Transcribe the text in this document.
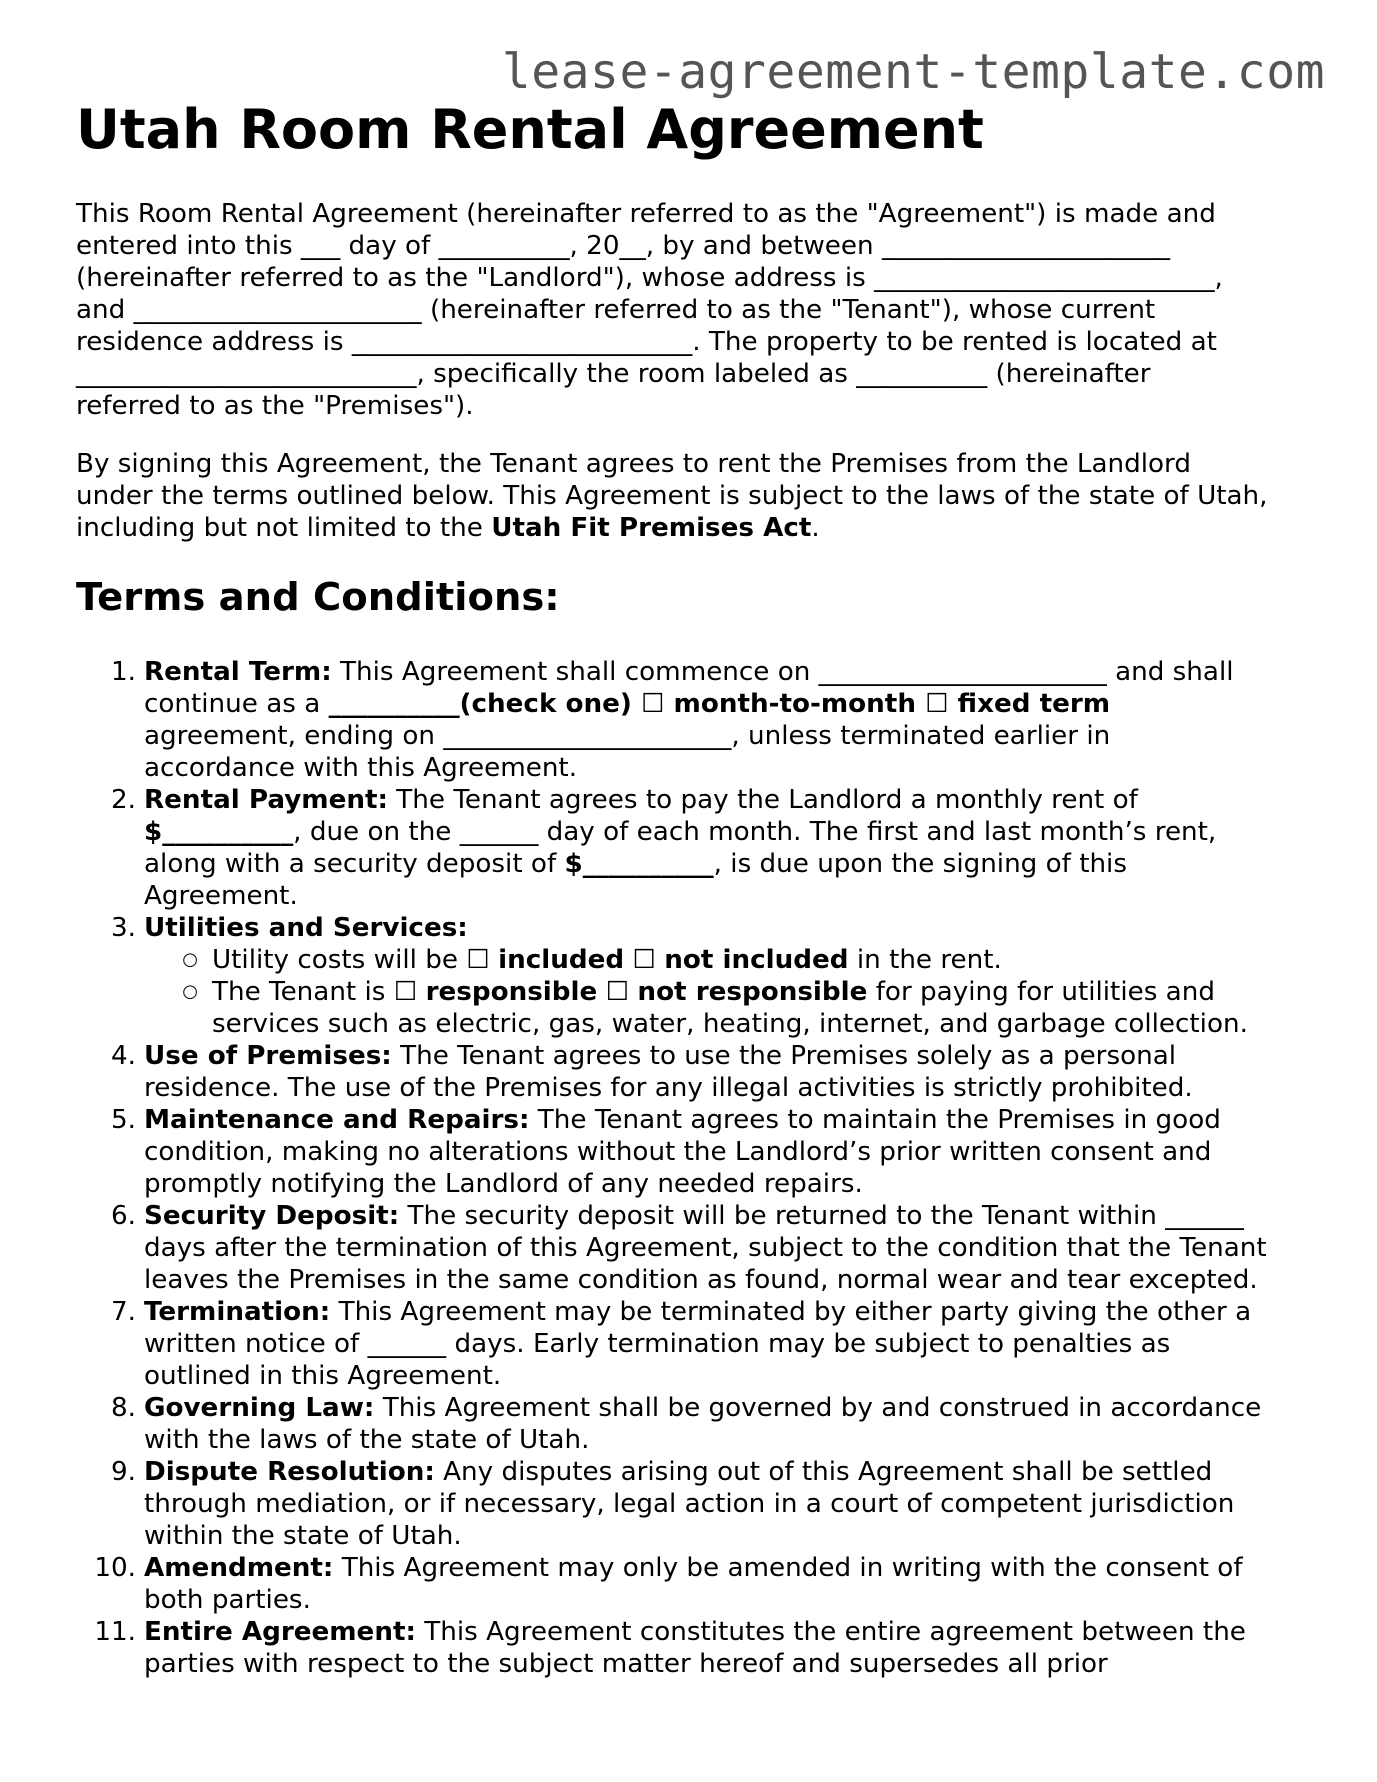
lease-agreement-template.com
Utah Room Rental Agreement

This Room Rental Agreement (hereinafter referred to as the "Agreement") is made and
entered into this ___ day of __________, 20__, by and between ______________________
(hereinafter referred to as the "Landlord"), whose address is __________________________,
and ______________________ (hereinafter referred to as the "Tenant"), whose current
residence address is __________________________. The property to be rented is located at
__________________________, specifically the room labeled as __________ (hereinafter
referred to as the "Premises").

By signing this Agreement, the Tenant agrees to rent the Premises from the Landlord
under the terms outlined below. This Agreement is subject to the laws of the state of Utah,
including but not limited to the Utah Fit Premises Act.

Terms and Conditions:
1. Rental Term: This Agreement shall commence on ______________________ and shall
continue as a __________(check one) ☐ month-to-month ☐ fixed term
agreement, ending on ______________________, unless terminated earlier in
accordance with this Agreement.
2. Rental Payment: The Tenant agrees to pay the Landlord a monthly rent of
$__________, due on the ______ day of each month. The first and last month’s rent,
along with a security deposit of $__________, is due upon the signing of this
Agreement.
3. Utilities and Services:
○ Utility costs will be ☐ included ☐ not included in the rent.
○ The Tenant is ☐ responsible ☐ not responsible for paying for utilities and
services such as electric, gas, water, heating, internet, and garbage collection.
4. Use of Premises: The Tenant agrees to use the Premises solely as a personal
residence. The use of the Premises for any illegal activities is strictly prohibited.
5. Maintenance and Repairs: The Tenant agrees to maintain the Premises in good
condition, making no alterations without the Landlord’s prior written consent and
promptly notifying the Landlord of any needed repairs.
6. Security Deposit: The security deposit will be returned to the Tenant within ______
days after the termination of this Agreement, subject to the condition that the Tenant
leaves the Premises in the same condition as found, normal wear and tear excepted.
7. Termination: This Agreement may be terminated by either party giving the other a
written notice of ______ days. Early termination may be subject to penalties as
outlined in this Agreement.
8. Governing Law: This Agreement shall be governed by and construed in accordance
with the laws of the state of Utah.
9. Dispute Resolution: Any disputes arising out of this Agreement shall be settled
through mediation, or if necessary, legal action in a court of competent jurisdiction
within the state of Utah.
10. Amendment: This Agreement may only be amended in writing with the consent of
both parties.
11. Entire Agreement: This Agreement constitutes the entire agreement between the
parties with respect to the subject matter hereof and supersedes all prior
